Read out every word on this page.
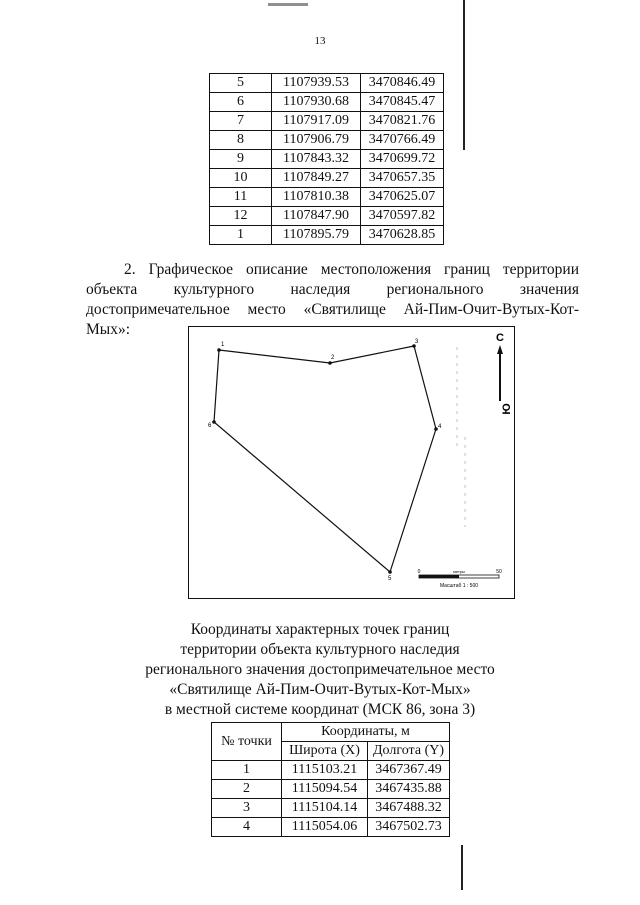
13
5	1107939.53	3470846.49
6	1107930.68	3470845.47
7	1107917.09	3470821.76
8	1107906.79	3470766.49
9	1107843.32	3470699.72
10	1107849.27	3470657.35
11	1107810.38	3470625.07
12	1107847.90	3470597.82
1	1107895.79	3470628.85
2. Графическое описание местоположения границ территории
объекта культурного наследия регионального значения
достопримечательное место «Святилище Ай-Пим-Очит-Вутых-Кот-Мых»:
1
2
3
4
5
6
С
Ю
0	50
метры
Масштаб 1 : 500
Координаты характерных точек границ
территории объекта культурного наследия
регионального значения достопримечательное место
«Святилище Ай-Пим-Очит-Вутых-Кот-Мых»
в местной системе координат (МСК 86, зона 3)
№ точки	Координаты, м	
	Широта (X)	Долгота (Y)
1	1115103.21	3467367.49
2	1115094.54	3467435.88
3	1115104.14	3467488.32
4	1115054.06	3467502.73
